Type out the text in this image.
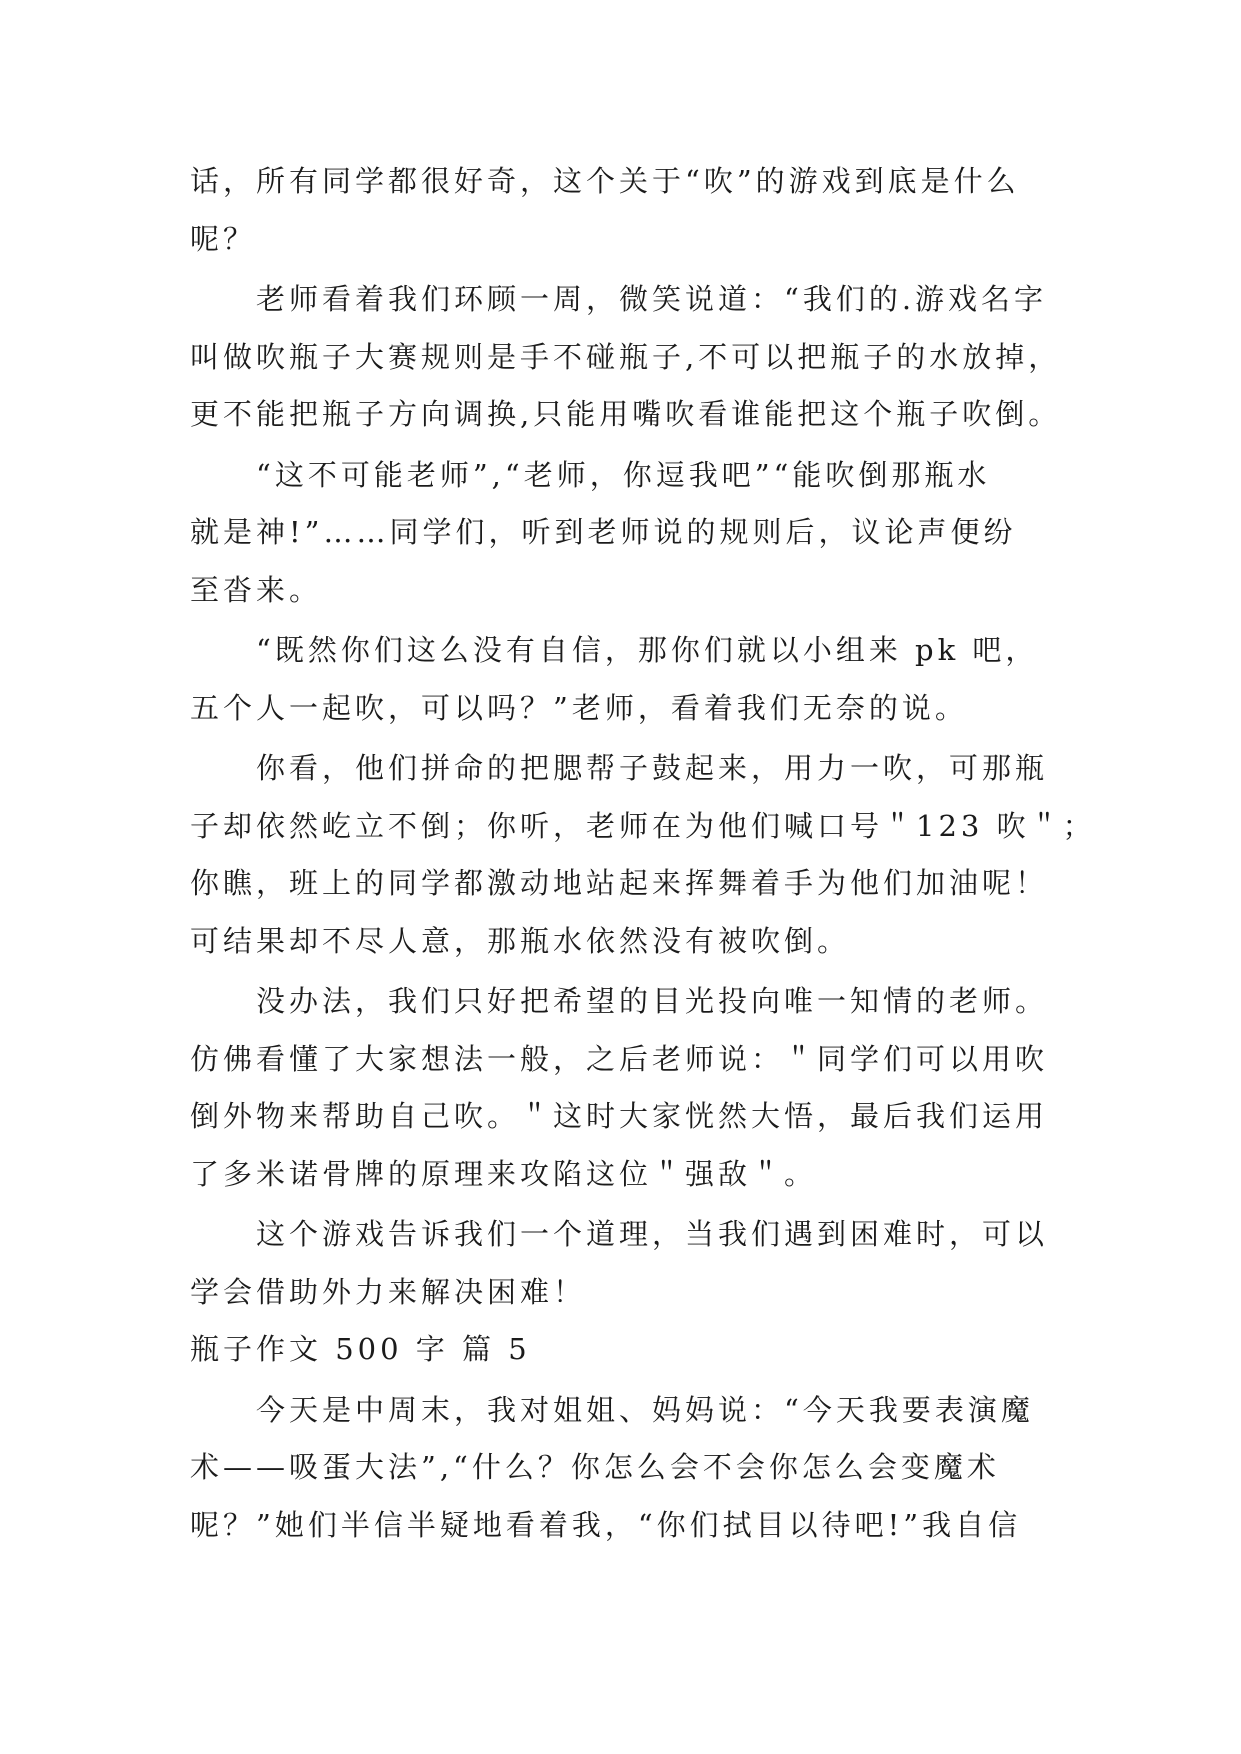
话，所有同学都很好奇，这个关于“吹”的游戏到底是什么
呢？
老师看着我们环顾一周，微笑说道：“我们的.游戏名字
叫做吹瓶子大赛规则是手不碰瓶子,不可以把瓶子的水放掉，
更不能把瓶子方向调换,只能用嘴吹看谁能把这个瓶子吹倒。
“这不可能老师”,“老师，你逗我吧”“能吹倒那瓶水
就是神!”……同学们，听到老师说的规则后，议论声便纷
至沓来。
“既然你们这么没有自信，那你们就以小组来 pk 吧，
五个人一起吹，可以吗？”老师，看着我们无奈的说。
你看，他们拼命的把腮帮子鼓起来，用力一吹，可那瓶
子却依然屹立不倒；你听，老师在为他们喊口号＂123 吹＂；
你瞧，班上的同学都激动地站起来挥舞着手为他们加油呢！
可结果却不尽人意，那瓶水依然没有被吹倒。
没办法，我们只好把希望的目光投向唯一知情的老师。
仿佛看懂了大家想法一般，之后老师说：＂同学们可以用吹
倒外物来帮助自己吹。＂这时大家恍然大悟，最后我们运用
了多米诺骨牌的原理来攻陷这位＂强敌＂。
这个游戏告诉我们一个道理，当我们遇到困难时，可以
学会借助外力来解决困难！
瓶子作文 500 字 篇 5
今天是中周末，我对姐姐、妈妈说：“今天我要表演魔
术——吸蛋大法”,“什么？你怎么会不会你怎么会变魔术
呢？”她们半信半疑地看着我，“你们拭目以待吧!”我自信
